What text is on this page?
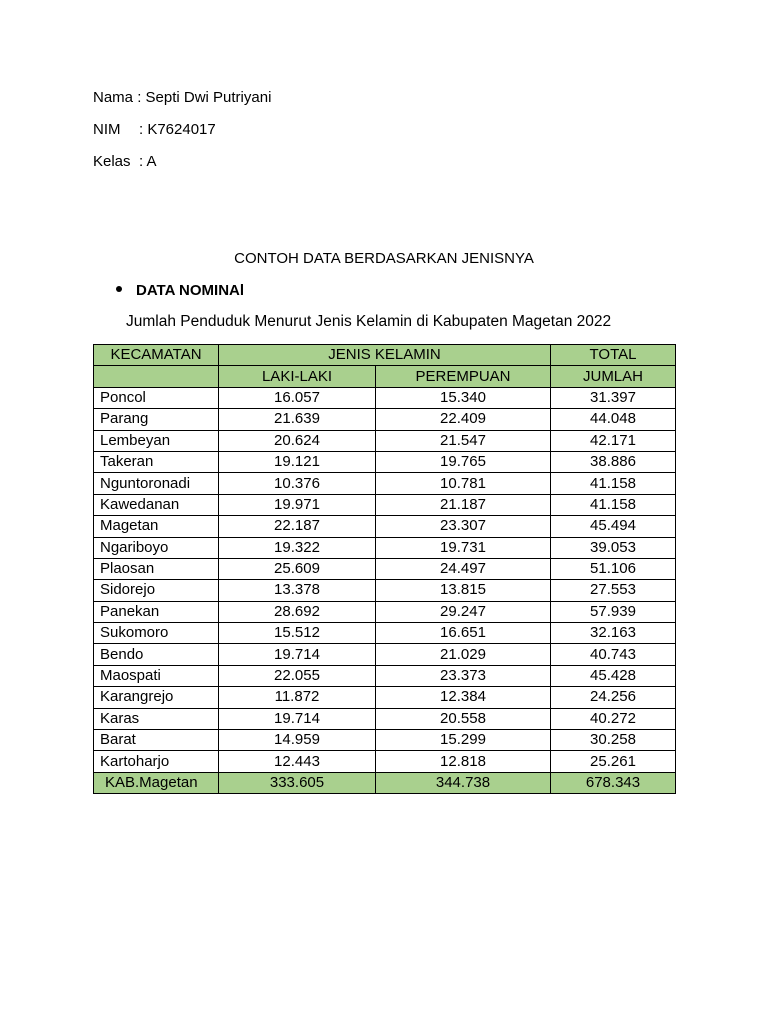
Nama : Septi Dwi Putriyani
NIM : K7624017
Kelas : A
CONTOH DATA BERDASARKAN JENISNYA
DATA NOMINAl
Jumlah Penduduk Menurut Jenis Kelamin di Kabupaten Magetan 2022
KECAMATAN	JENIS KELAMIN		TOTAL
	LAKI-LAKI	PEREMPUAN	JUMLAH
Poncol	16.057	15.340	31.397
Parang	21.639	22.409	44.048
Lembeyan	20.624	21.547	42.171
Takeran	19.121	19.765	38.886
Nguntoronadi	10.376	10.781	41.158
Kawedanan	19.971	21.187	41.158
Magetan	22.187	23.307	45.494
Ngariboyo	19.322	19.731	39.053
Plaosan	25.609	24.497	51.106
Sidorejo	13.378	13.815	27.553
Panekan	28.692	29.247	57.939
Sukomoro	15.512	16.651	32.163
Bendo	19.714	21.029	40.743
Maospati	22.055	23.373	45.428
Karangrejo	11.872	12.384	24.256
Karas	19.714	20.558	40.272
Barat	14.959	15.299	30.258
Kartoharjo	12.443	12.818	25.261
KAB.Magetan	333.605	344.738	678.343
